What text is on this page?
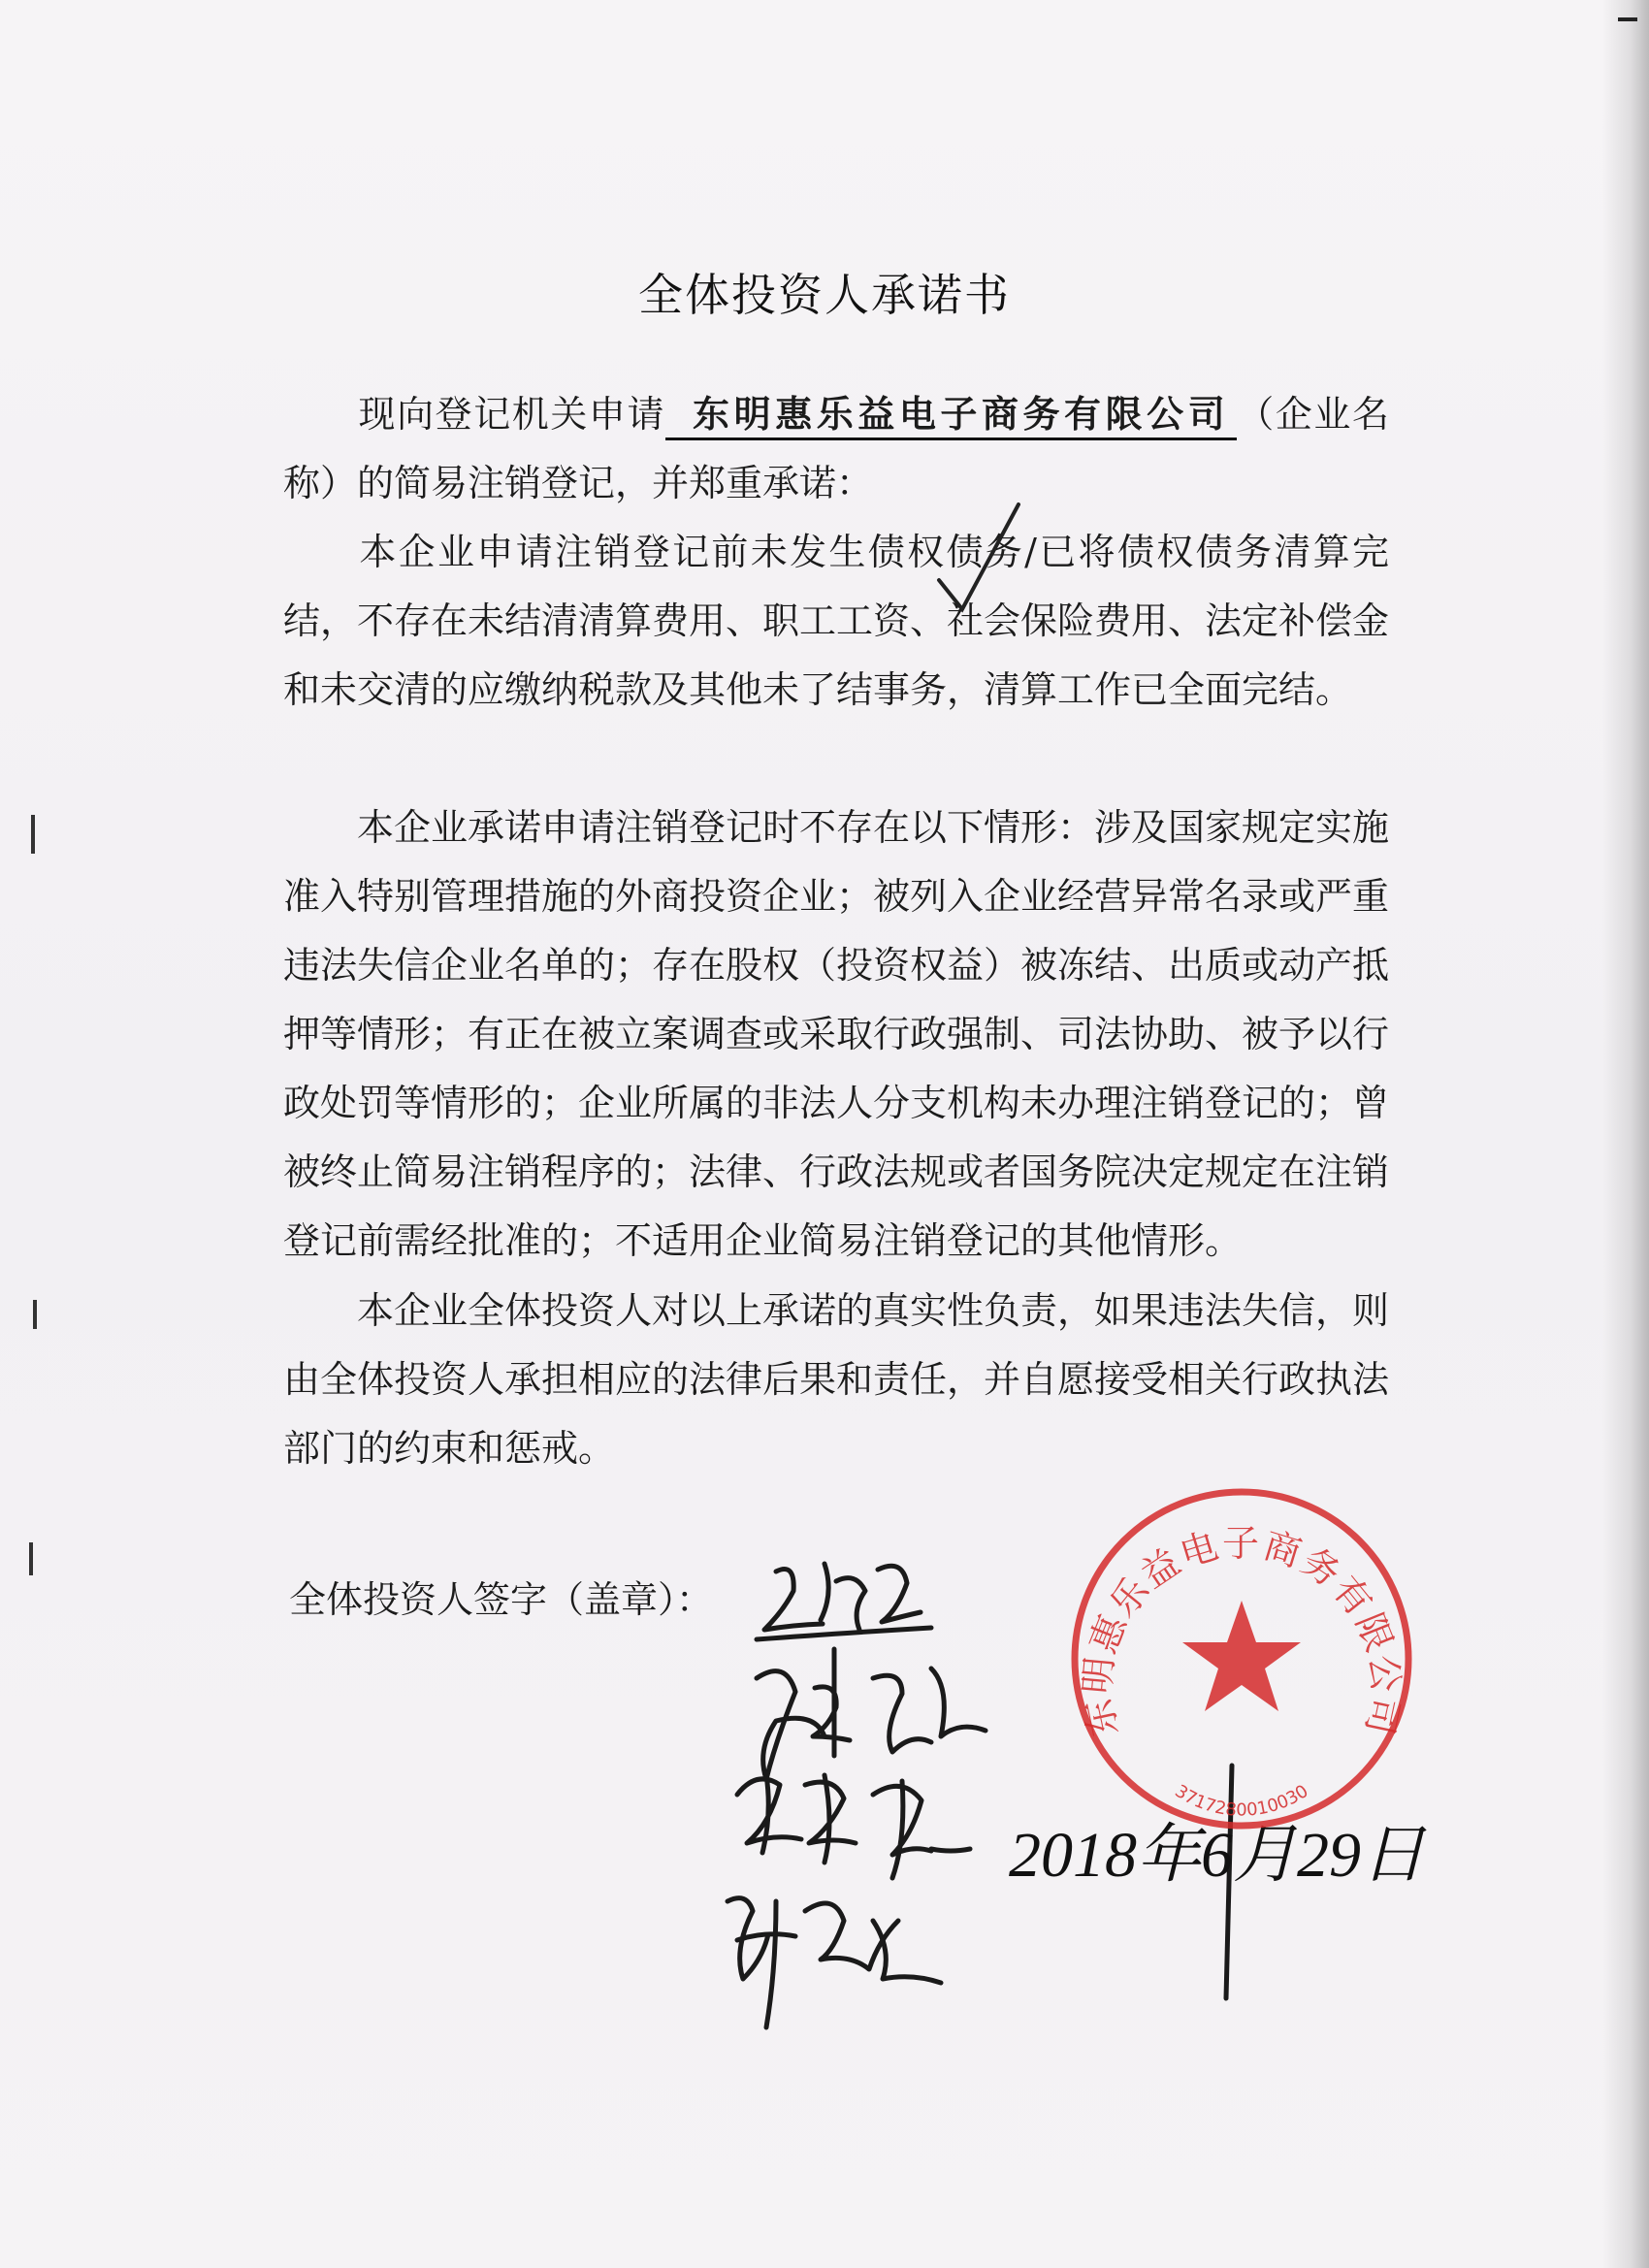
全体投资人承诺书
现向登记机关申请 东明惠乐益电子商务有限公司 （企业名称）的简易注销登记，并郑重承诺：
本企业申请注销登记前未发生债权债务/已将债权债务清算完结，不存在未结清清算费用、职工工资、社会保险费用、法定补偿金和未交清的应缴纳税款及其他未了结事务，清算工作已全面完结。
本企业承诺申请注销登记时不存在以下情形：涉及国家规定实施准入特别管理措施的外商投资企业；被列入企业经营异常名录或严重违法失信企业名单的；存在股权（投资权益）被冻结、出质或动产抵押等情形；有正在被立案调查或采取行政强制、司法协助、被予以行政处罚等情形的；企业所属的非法人分支机构未办理注销登记的；曾被终止简易注销程序的；法律、行政法规或者国务院决定规定在注销登记前需经批准的；不适用企业简易注销登记的其他情形。
本企业全体投资人对以上承诺的真实性负责，如果违法失信，则由全体投资人承担相应的法律后果和责任，并自愿接受相关行政执法部门的约束和惩戒。
全体投资人签字（盖章）：
2018年6月29日
东明惠乐益电子商务有限公司
3717280010030
